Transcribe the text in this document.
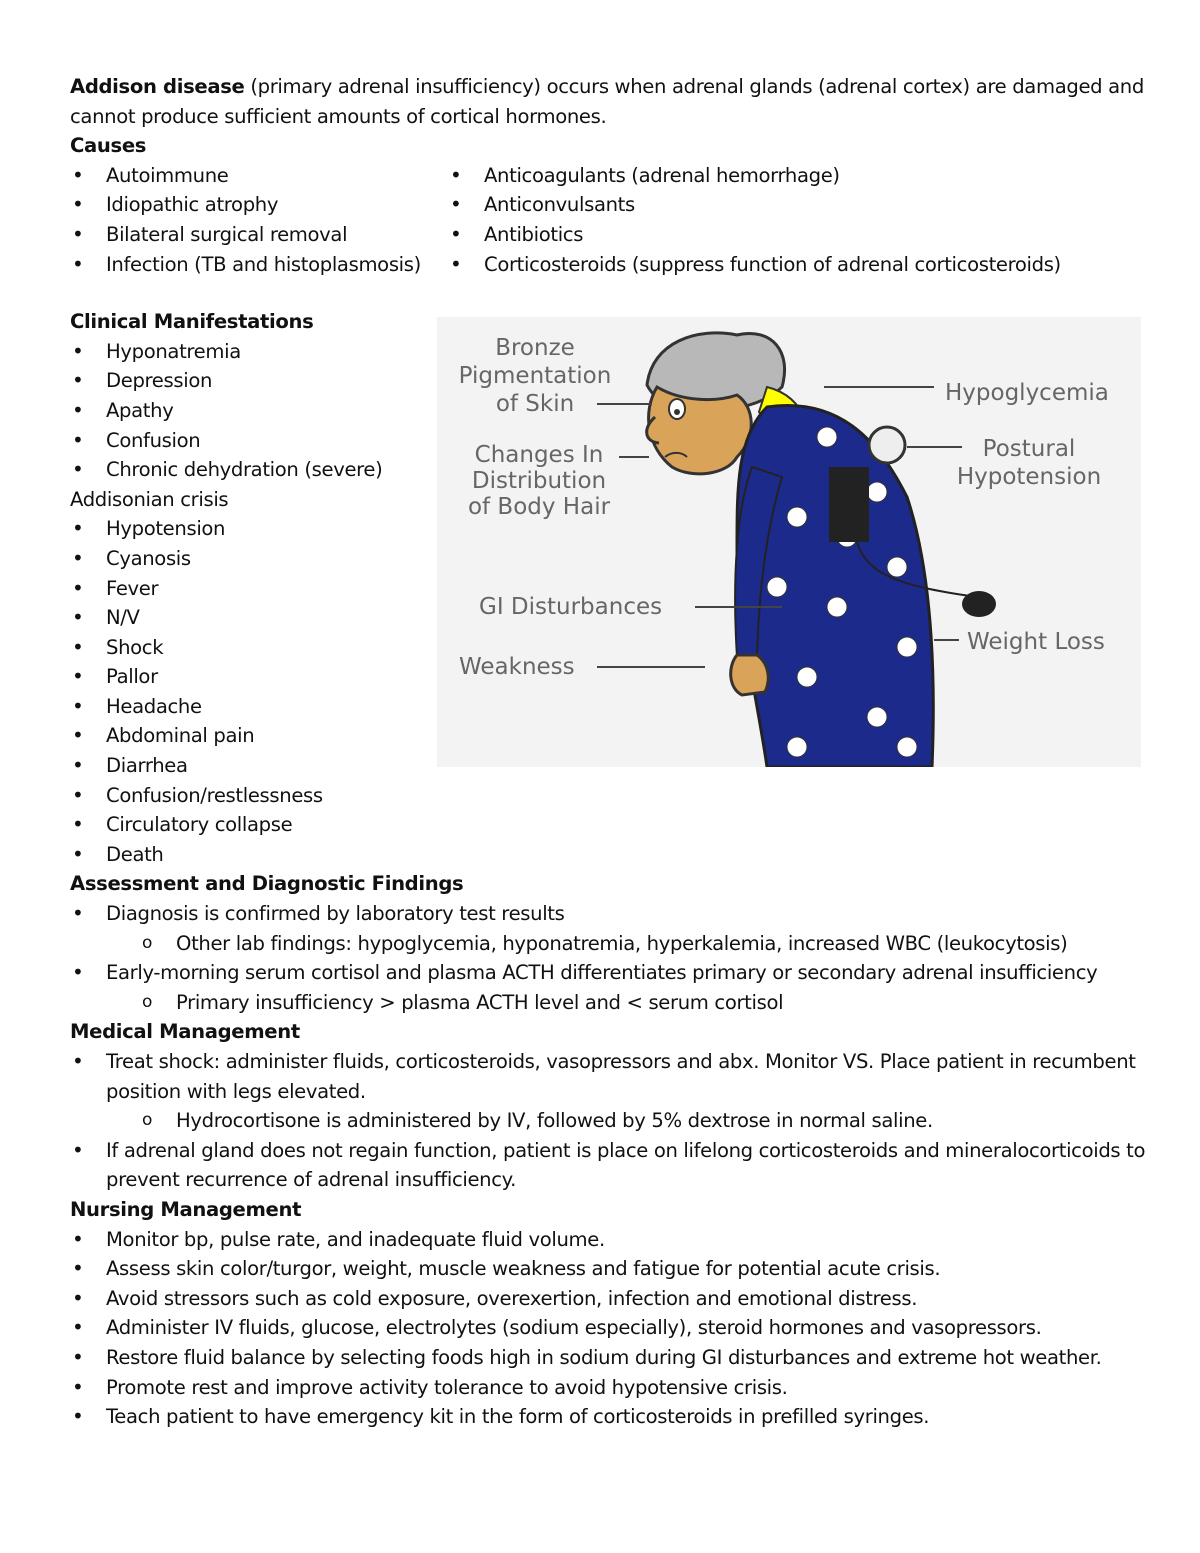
Addison disease (primary adrenal insufficiency) occurs when adrenal glands (adrenal cortex) are damaged and cannot produce sufficient amounts of cortical hormones.

Causes

• Autoimmune
• Idiopathic atrophy
• Bilateral surgical removal
• Infection (TB and histoplasmosis)
• Anticoagulants (adrenal hemorrhage)
• Anticonvulsants
• Antibiotics
• Corticosteroids (suppress function of adrenal corticosteroids)

Clinical Manifestations

• Hyponatremia
• Depression
• Apathy
• Confusion
• Chronic dehydration (severe)

Addisonian crisis

• Hypotension
• Cyanosis
• Fever
• N/V
• Shock
• Pallor
• Headache
• Abdominal pain
• Diarrhea
• Confusion/restlessness
• Circulatory collapse
• Death

Assessment and Diagnostic Findings

• Diagnosis is confirmed by laboratory test results
o Other lab findings: hypoglycemia, hyponatremia, hyperkalemia, increased WBC (leukocytosis)
• Early-morning serum cortisol and plasma ACTH differentiates primary or secondary adrenal insufficiency
o Primary insufficiency > plasma ACTH level and < serum cortisol

Medical Management

• Treat shock: administer fluids, corticosteroids, vasopressors and abx. Monitor VS. Place patient in recumbent position with legs elevated.
o Hydrocortisone is administered by IV, followed by 5% dextrose in normal saline.
• If adrenal gland does not regain function, patient is place on lifelong corticosteroids and mineralocorticoids to prevent recurrence of adrenal insufficiency.

Nursing Management

• Monitor bp, pulse rate, and inadequate fluid volume.
• Assess skin color/turgor, weight, muscle weakness and fatigue for potential acute crisis.
• Avoid stressors such as cold exposure, overexertion, infection and emotional distress.
• Administer IV fluids, glucose, electrolytes (sodium especially), steroid hormones and vasopressors.
• Restore fluid balance by selecting foods high in sodium during GI disturbances and extreme hot weather.
• Promote rest and improve activity tolerance to avoid hypotensive crisis.
• Teach patient to have emergency kit in the form of corticosteroids in prefilled syringes.
Bronze
Pigmentation
of Skin
Changes In
Distribution
of Body Hair
GI Disturbances
Weakness
Hypoglycemia
Postural
Hypotension
Weight Loss
